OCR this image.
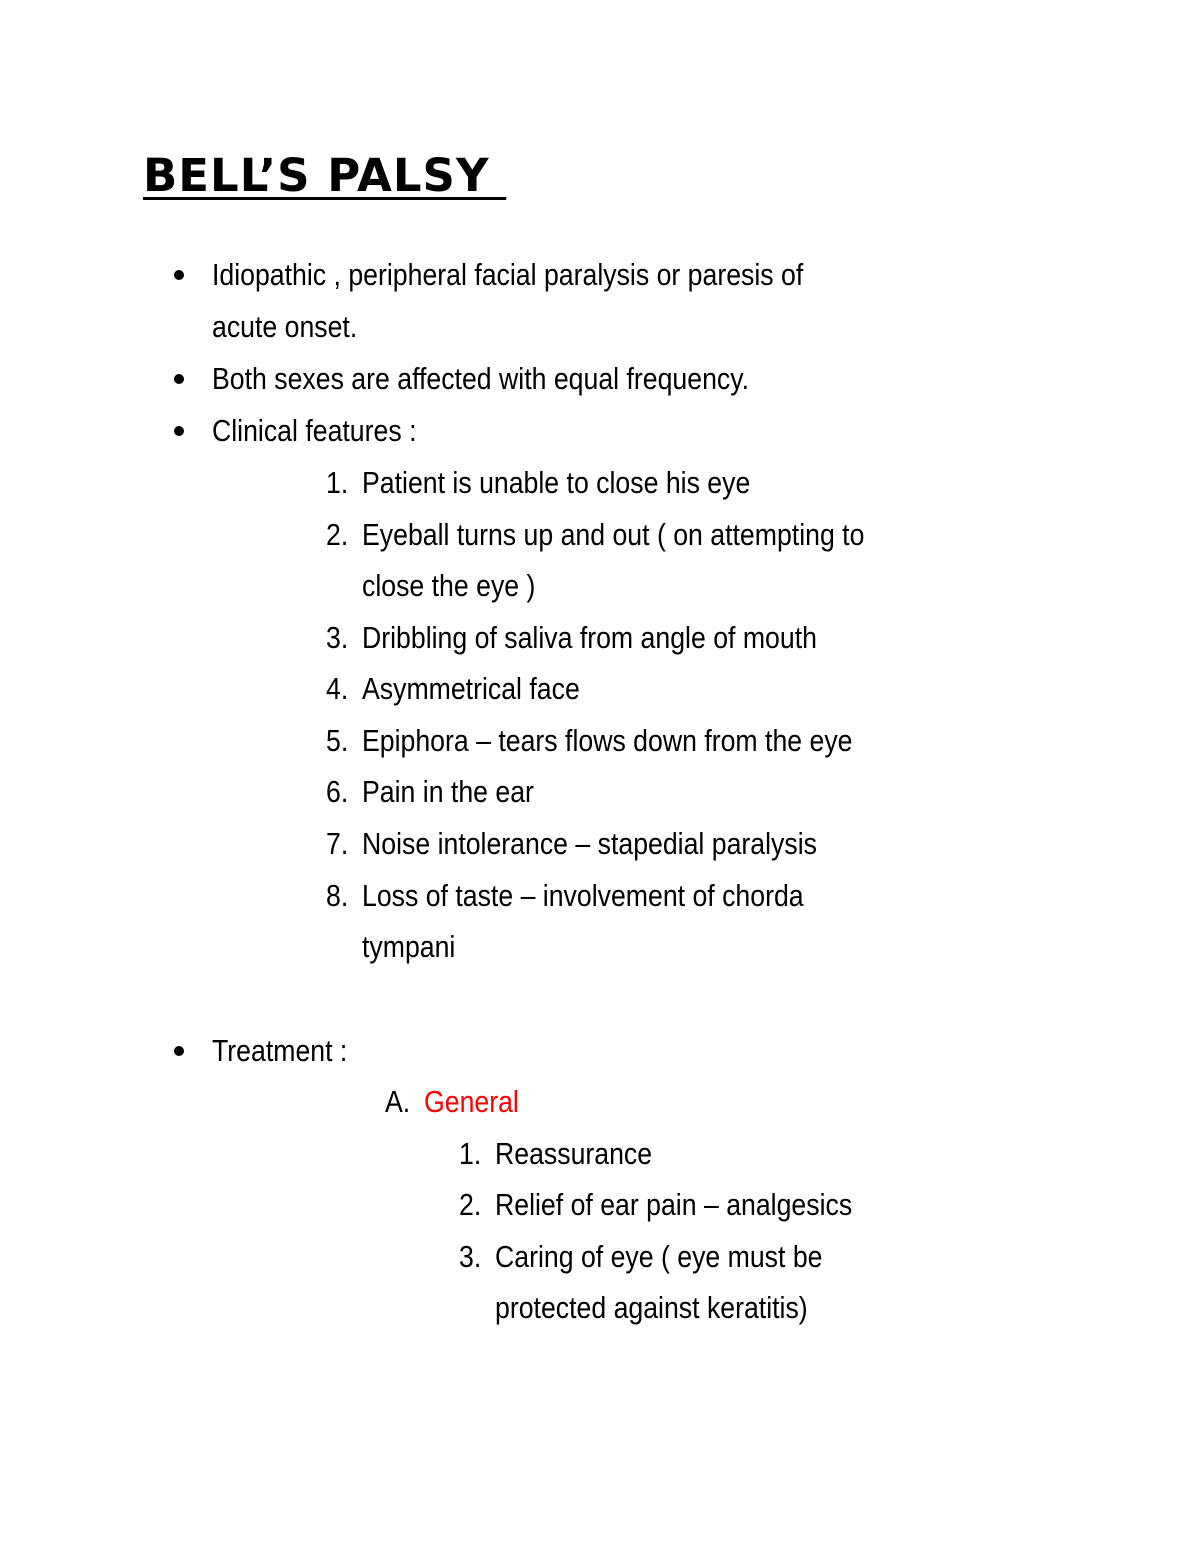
BELL’S PALSY
Idiopathic , peripheral facial paralysis or paresis of
acute onset.
Both sexes are affected with equal frequency.
Clinical features :
1. Patient is unable to close his eye
2. Eyeball turns up and out ( on attempting to
close the eye )
3. Dribbling of saliva from angle of mouth
4. Asymmetrical face
5. Epiphora – tears flows down from the eye
6. Pain in the ear
7. Noise intolerance – stapedial paralysis
8. Loss of taste – involvement of chorda
tympani
Treatment :
A. General
1. Reassurance
2. Relief of ear pain – analgesics
3. Caring of eye ( eye must be
protected against keratitis)
